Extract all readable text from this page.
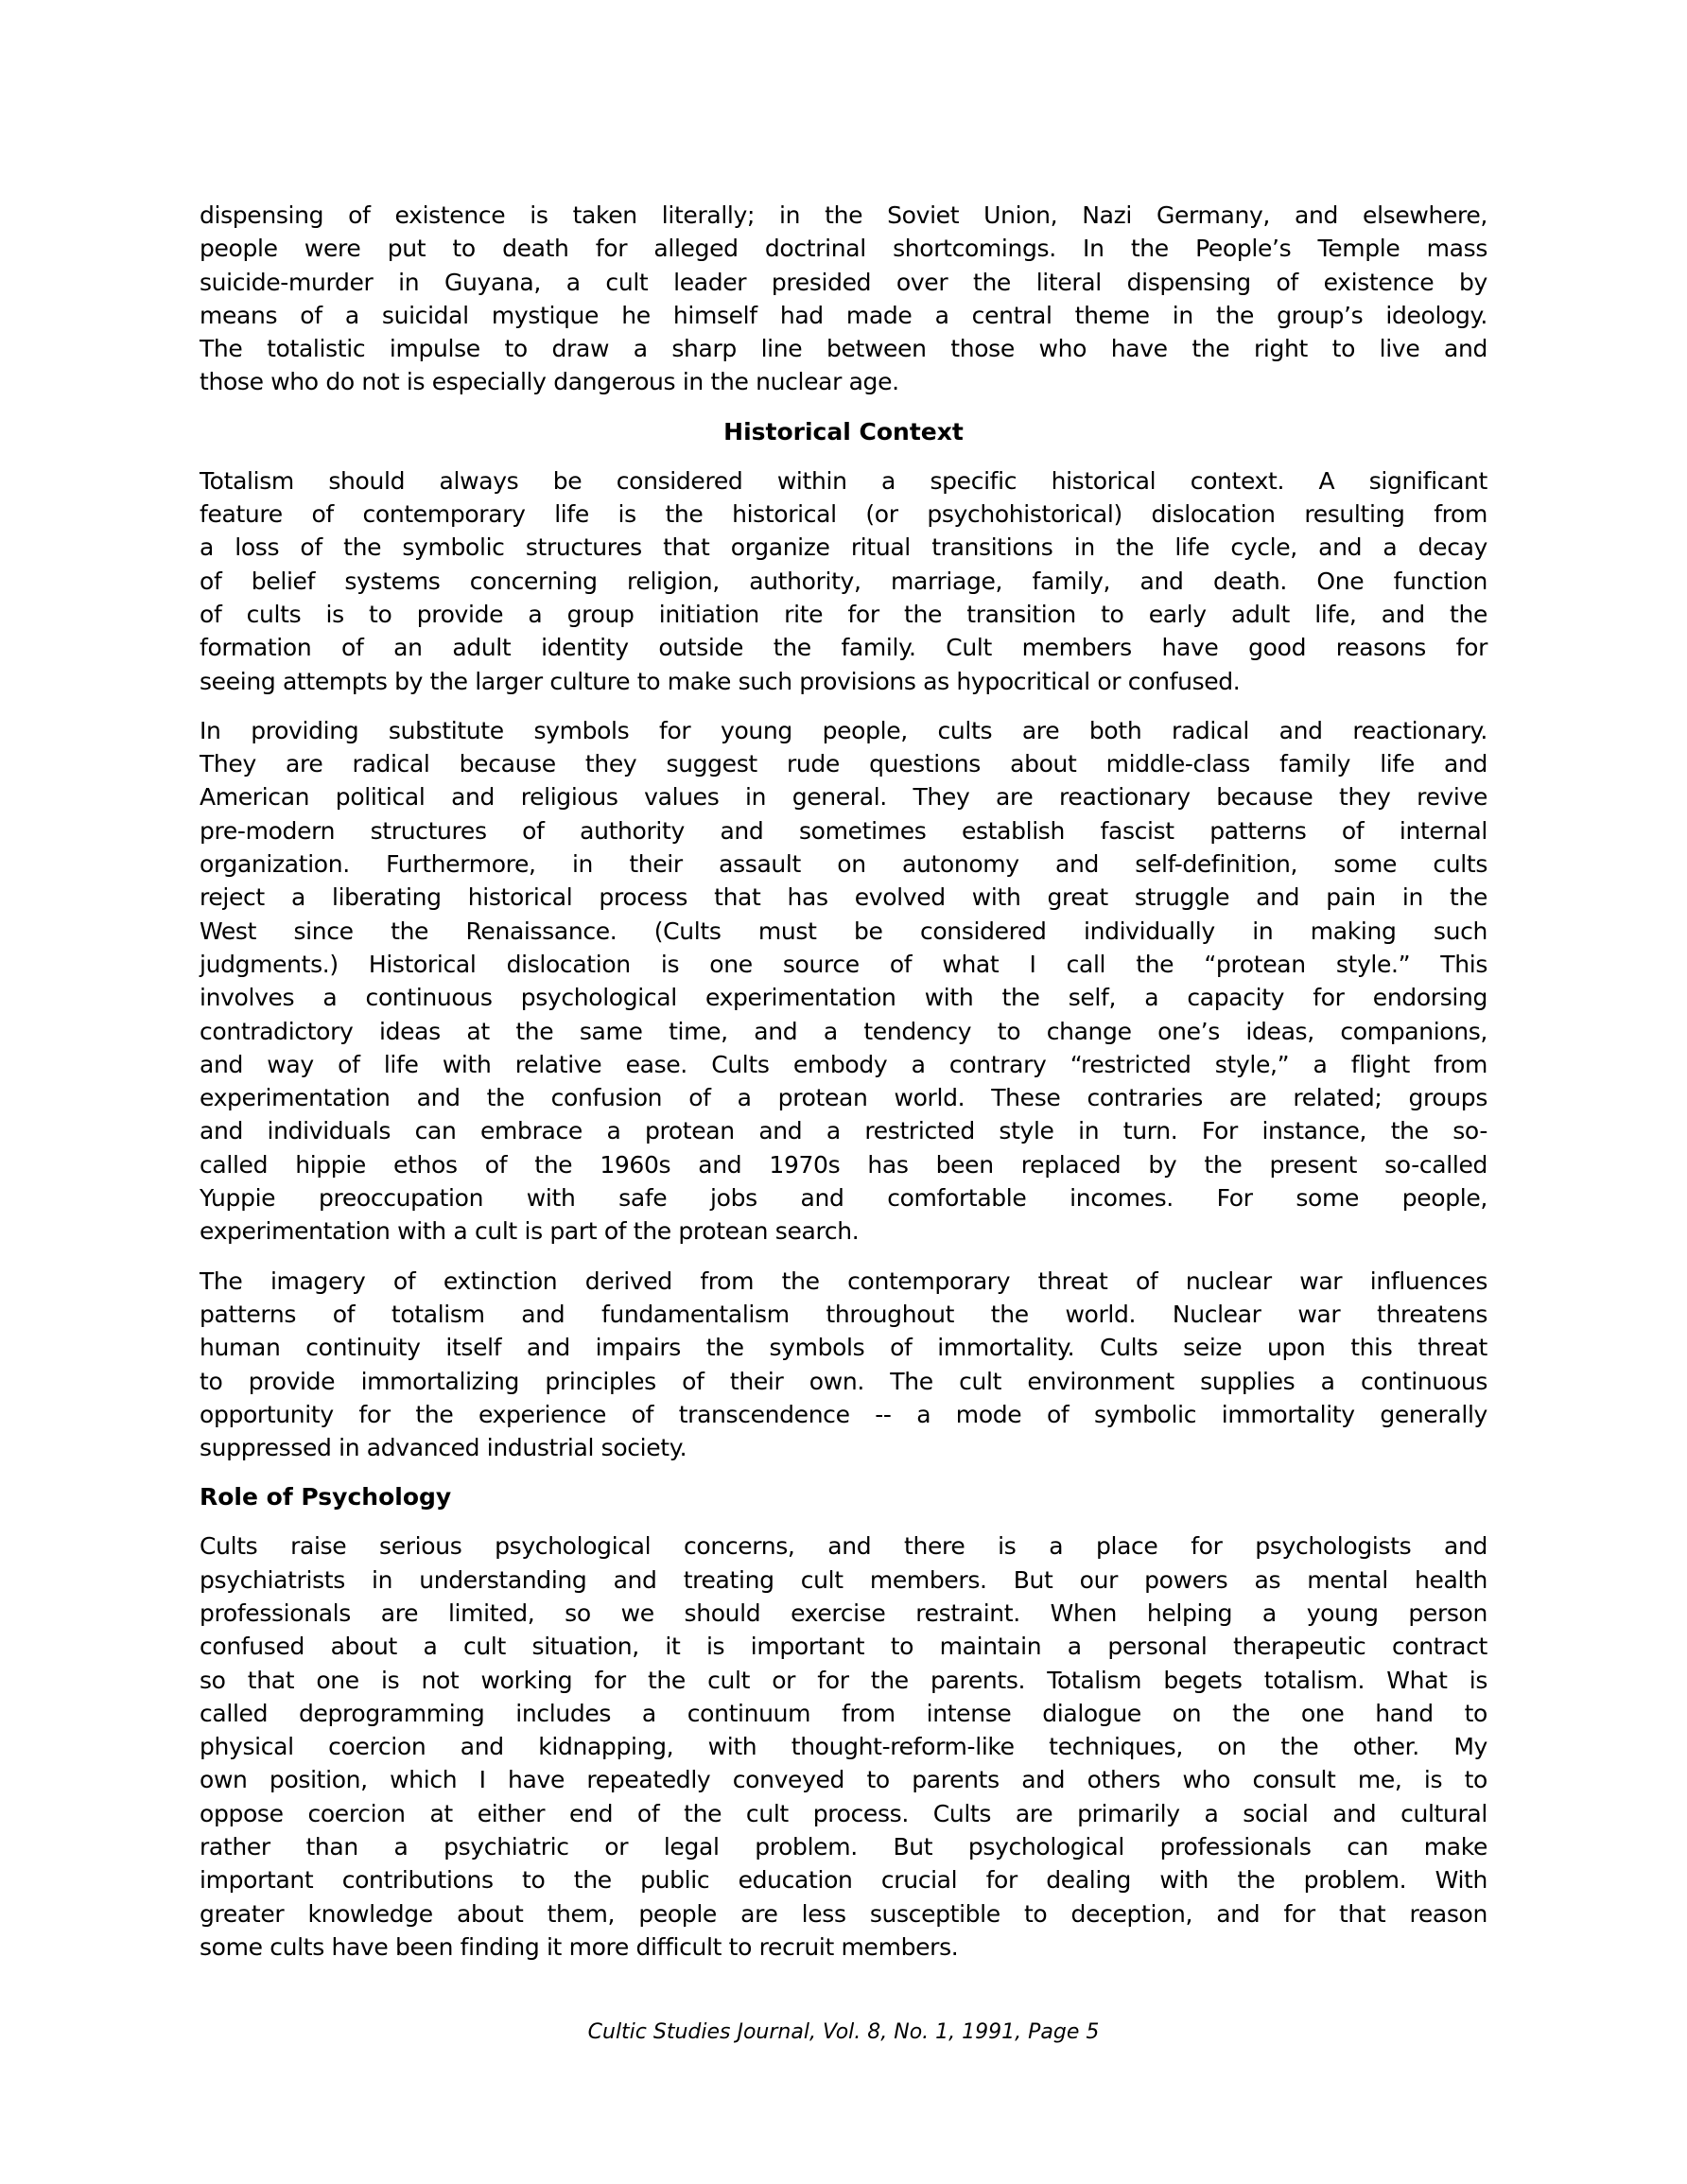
dispensing of existence is taken literally; in the Soviet Union, Nazi Germany, and elsewhere,
people were put to death for alleged doctrinal shortcomings. In the People’s Temple mass
suicide-murder in Guyana, a cult leader presided over the literal dispensing of existence by
means of a suicidal mystique he himself had made a central theme in the group’s ideology.
The totalistic impulse to draw a sharp line between those who have the right to live and
those who do not is especially dangerous in the nuclear age.
Historical Context
Totalism should always be considered within a specific historical context. A significant
feature of contemporary life is the historical (or psychohistorical) dislocation resulting from
a loss of the symbolic structures that organize ritual transitions in the life cycle, and a decay
of belief systems concerning religion, authority, marriage, family, and death. One function
of cults is to provide a group initiation rite for the transition to early adult life, and the
formation of an adult identity outside the family. Cult members have good reasons for
seeing attempts by the larger culture to make such provisions as hypocritical or confused.
In providing substitute symbols for young people, cults are both radical and reactionary.
They are radical because they suggest rude questions about middle-class family life and
American political and religious values in general. They are reactionary because they revive
pre-modern structures of authority and sometimes establish fascist patterns of internal
organization. Furthermore, in their assault on autonomy and self-definition, some cults
reject a liberating historical process that has evolved with great struggle and pain in the
West since the Renaissance. (Cults must be considered individually in making such
judgments.) Historical dislocation is one source of what I call the “protean style.” This
involves a continuous psychological experimentation with the self, a capacity for endorsing
contradictory ideas at the same time, and a tendency to change one’s ideas, companions,
and way of life with relative ease. Cults embody a contrary “restricted style,” a flight from
experimentation and the confusion of a protean world. These contraries are related; groups
and individuals can embrace a protean and a restricted style in turn. For instance, the so-
called hippie ethos of the 1960s and 1970s has been replaced by the present so-called
Yuppie preoccupation with safe jobs and comfortable incomes. For some people,
experimentation with a cult is part of the protean search.
The imagery of extinction derived from the contemporary threat of nuclear war influences
patterns of totalism and fundamentalism throughout the world. Nuclear war threatens
human continuity itself and impairs the symbols of immortality. Cults seize upon this threat
to provide immortalizing principles of their own. The cult environment supplies a continuous
opportunity for the experience of transcendence -- a mode of symbolic immortality generally
suppressed in advanced industrial society.
Role of Psychology
Cults raise serious psychological concerns, and there is a place for psychologists and
psychiatrists in understanding and treating cult members. But our powers as mental health
professionals are limited, so we should exercise restraint. When helping a young person
confused about a cult situation, it is important to maintain a personal therapeutic contract
so that one is not working for the cult or for the parents. Totalism begets totalism. What is
called deprogramming includes a continuum from intense dialogue on the one hand to
physical coercion and kidnapping, with thought-reform-like techniques, on the other. My
own position, which I have repeatedly conveyed to parents and others who consult me, is to
oppose coercion at either end of the cult process. Cults are primarily a social and cultural
rather than a psychiatric or legal problem. But psychological professionals can make
important contributions to the public education crucial for dealing with the problem. With
greater knowledge about them, people are less susceptible to deception, and for that reason
some cults have been finding it more difficult to recruit members.
Cultic Studies Journal, Vol. 8, No. 1, 1991, Page 5
